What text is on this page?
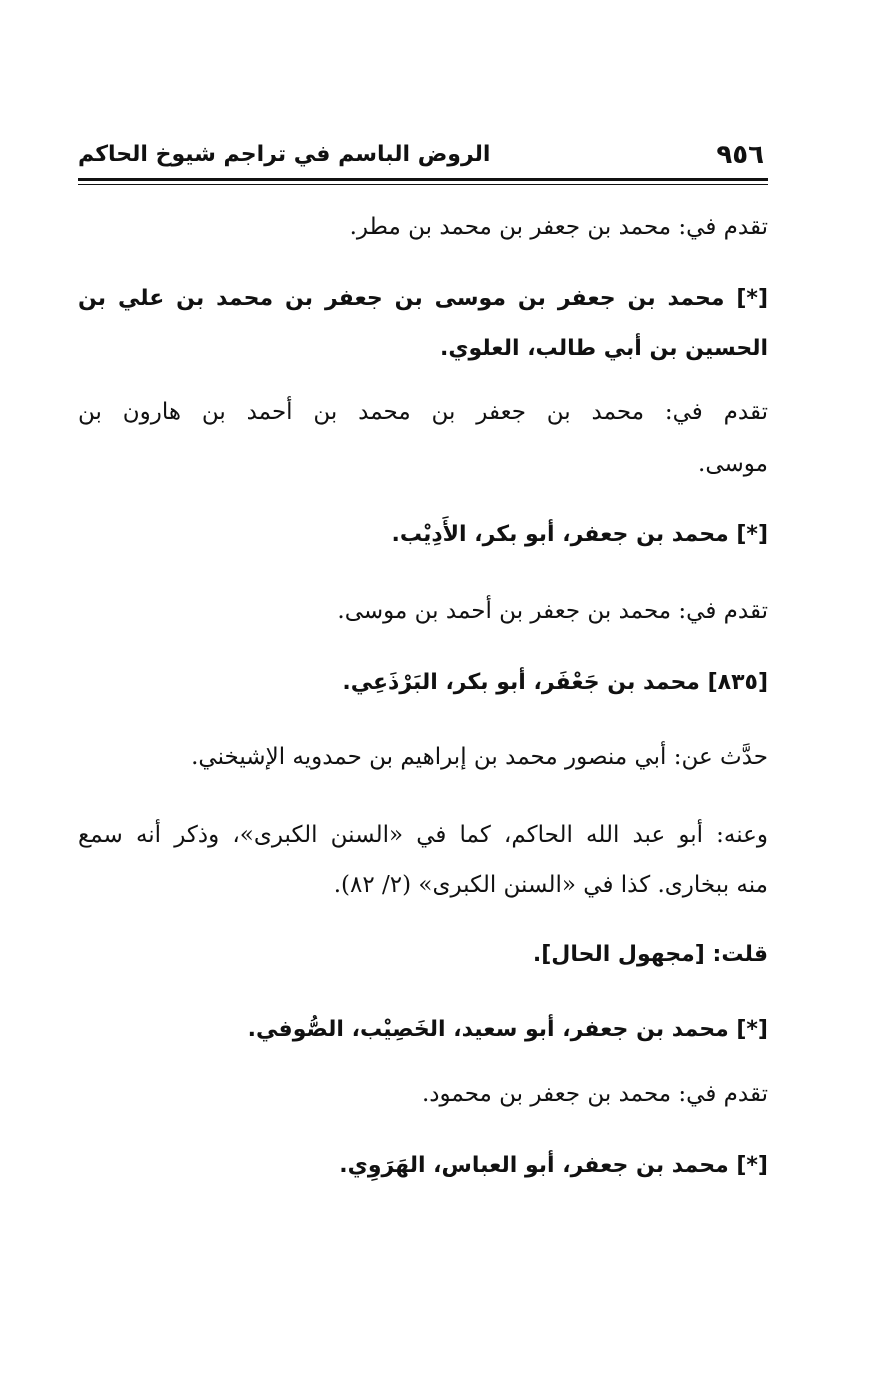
٩٥٦
الروض الباسم في تراجم شيوخ الحاكم
تقدم في: محمد بن جعفر بن محمد بن مطر.
[*] محمد بن جعفر بن موسى بن جعفر بن محمد بن علي بن
الحسين بن أبي طالب، العلوي.
تقدم في: محمد بن جعفر بن محمد بن أحمد بن هارون بن
موسى.
[*] محمد بن جعفر، أبو بكر، الأَدِيْب.
تقدم في: محمد بن جعفر بن أحمد بن موسى.
[٨٣٥] محمد بن جَعْفَر، أبو بكر، البَرْذَعِي.
حدَّث عن: أبي منصور محمد بن إبراهيم بن حمدويه الإشيخني.
وعنه: أبو عبد الله الحاكم، كما في «السنن الكبرى»، وذكر أنه سمع
منه ببخارى. كذا في «السنن الكبرى» (٢/ ٨٢).
قلت: [مجهول الحال].
[*] محمد بن جعفر، أبو سعيد، الخَصِيْب، الصُّوفي.
تقدم في: محمد بن جعفر بن محمود.
[*] محمد بن جعفر، أبو العباس، الهَرَوِي.
